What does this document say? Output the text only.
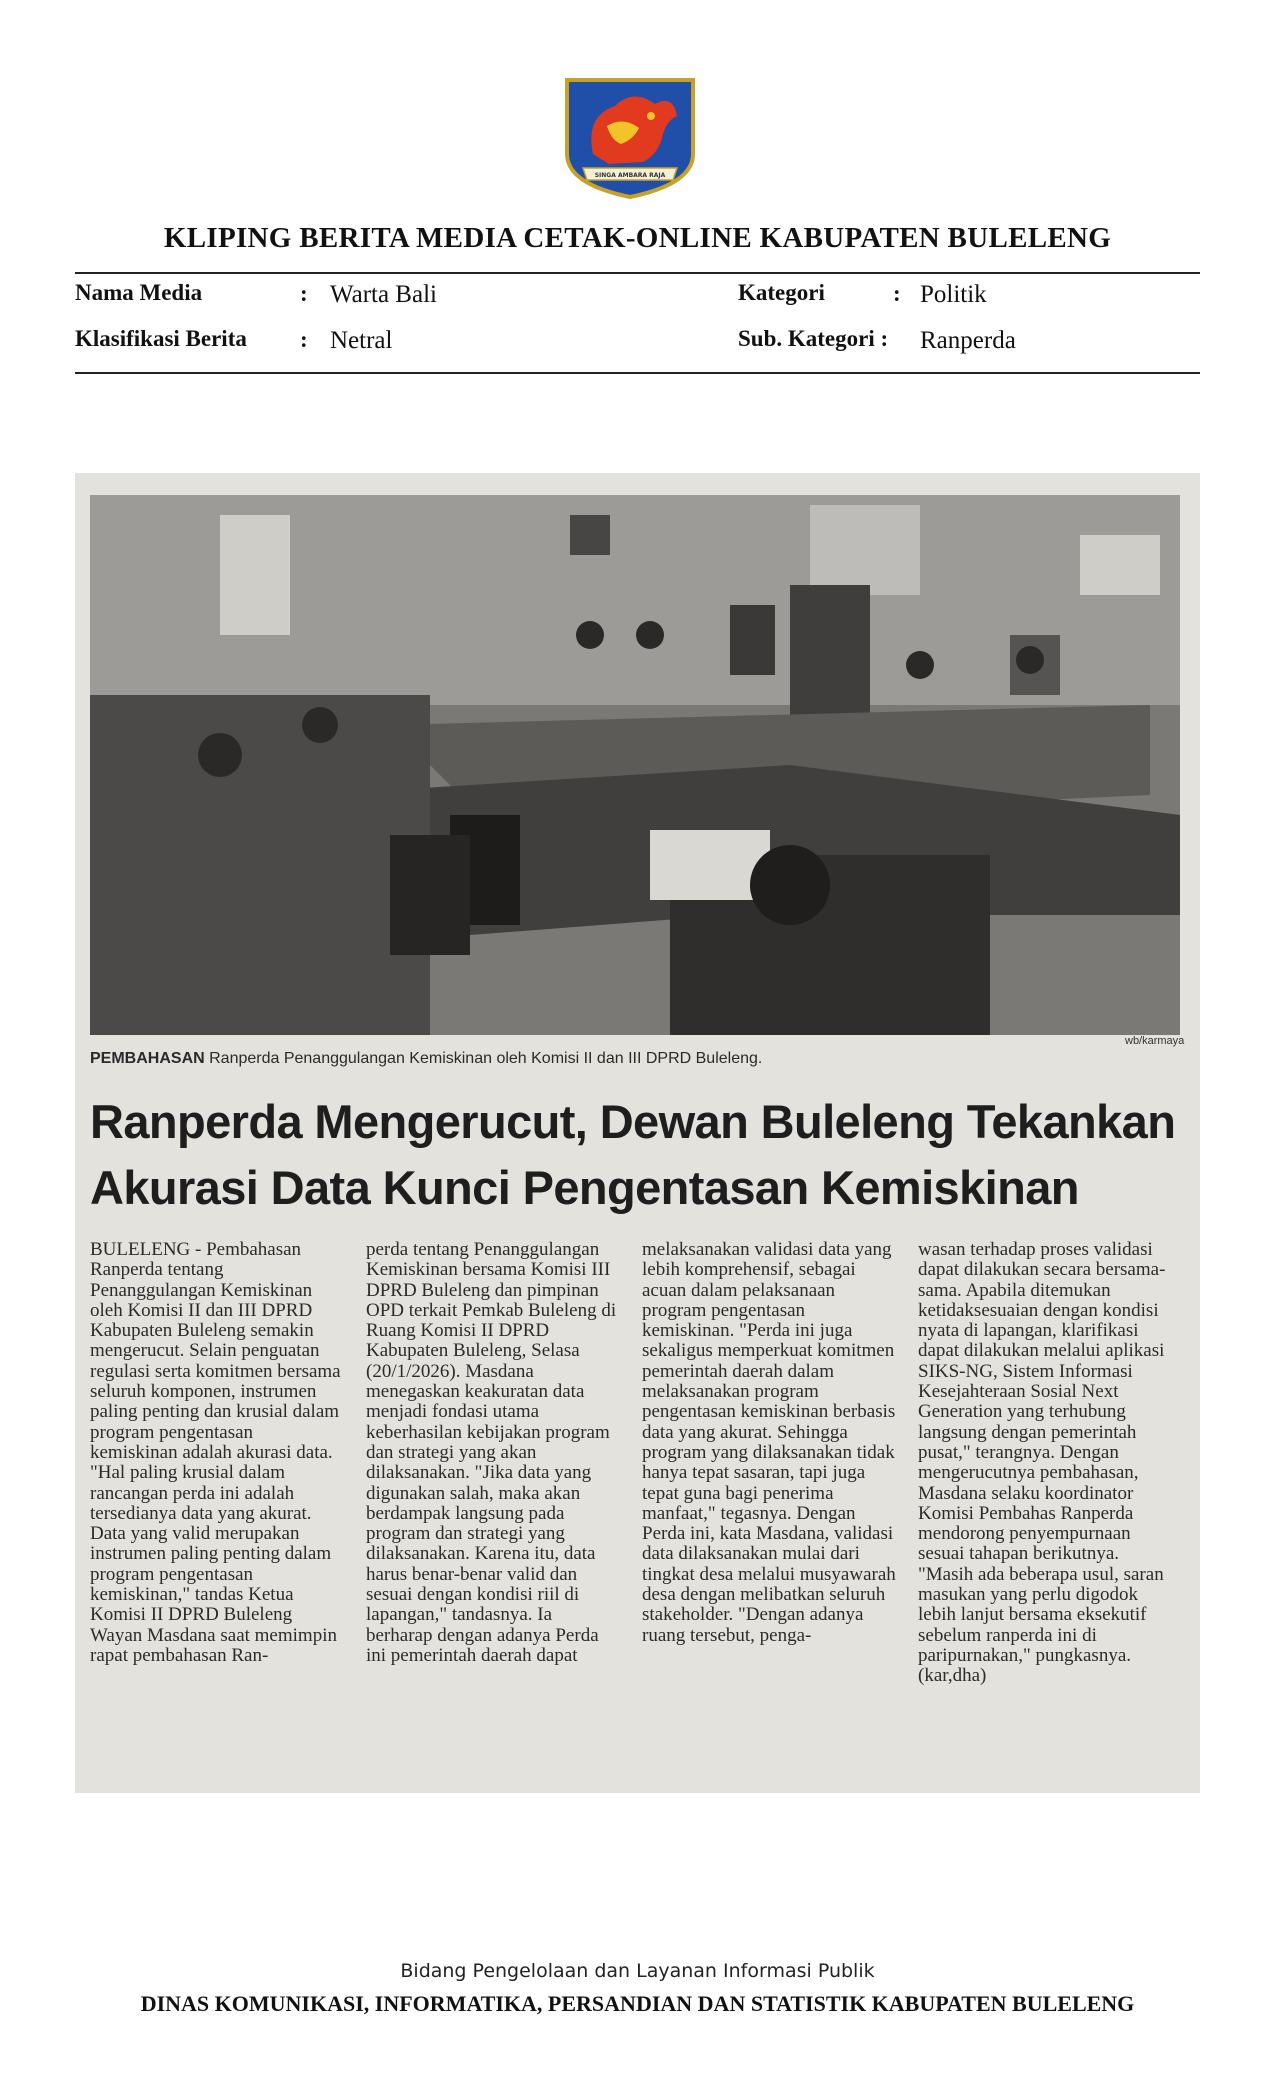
SINGA AMBARA RAJA
KLIPING BERITA MEDIA CETAK-ONLINE KABUPATEN BULELENG
Nama Media	: Warta Bali
Klasifikasi Berita : Netral
Kategori	: Politik
Sub. Kategori : Ranperda
wb/karmaya
PEMBAHASAN Ranperda Penanggulangan Kemiskinan oleh Komisi II dan III DPRD Buleleng.
Ranperda Mengerucut, Dewan Buleleng Tekankan
Akurasi Data Kunci Pengentasan Kemiskinan

BULELENG - Pembahasan Ranperda tentang Penanggulangan Kemiskinan oleh Komisi II dan III DPRD Kabupaten Buleleng semakin mengerucut. Selain penguatan regulasi serta komitmen bersama seluruh komponen, instrumen paling penting dan krusial dalam program pengentasan kemiskinan adalah akurasi data. "Hal paling krusial dalam rancangan perda ini adalah tersedianya data yang akurat. Data yang valid merupakan instrumen paling penting dalam program pengentasan kemiskinan," tandas Ketua Komisi II DPRD Buleleng Wayan Masdana saat memimpin rapat pembahasan Ran-

perda tentang Penanggulangan Kemiskinan bersama Komisi III DPRD Buleleng dan pimpinan OPD terkait Pemkab Buleleng di Ruang Komisi II DPRD Kabupaten Buleleng, Selasa (20/1/2026). Masdana menegaskan keakuratan data menjadi fondasi utama keberhasilan kebijakan program dan strategi yang akan dilaksanakan. "Jika data yang digunakan salah, maka akan berdampak langsung pada program dan strategi yang dilaksanakan. Karena itu, data harus benar-benar valid dan sesuai dengan kondisi riil di lapangan," tandasnya. Ia berharap dengan adanya Perda ini pemerintah daerah dapat

melaksanakan validasi data yang lebih komprehensif, sebagai acuan dalam pelaksanaan program pengentasan kemiskinan. "Perda ini juga sekaligus memperkuat komitmen pemerintah daerah dalam melaksanakan program pengentasan kemiskinan berbasis data yang akurat. Sehingga program yang dilaksanakan tidak hanya tepat sasaran, tapi juga tepat guna bagi penerima manfaat," tegasnya. Dengan Perda ini, kata Masdana, validasi data dilaksanakan mulai dari tingkat desa melalui musyawarah desa dengan melibatkan seluruh stakeholder. "Dengan adanya ruang tersebut, penga-

wasan terhadap proses validasi dapat dilakukan secara bersama-sama. Apabila ditemukan ketidaksesuaian dengan kondisi nyata di lapangan, klarifikasi dapat dilakukan melalui aplikasi SIKS-NG, Sistem Informasi Kesejahteraan Sosial Next Generation yang terhubung langsung dengan pemerintah pusat," terangnya. Dengan mengerucutnya pembahasan, Masdana selaku koordinator Komisi Pembahas Ranperda mendorong penyempurnaan sesuai tahapan berikutnya. "Masih ada beberapa usul, saran masukan yang perlu digodok lebih lanjut bersama eksekutif sebelum ranperda ini di paripurnakan," pungkasnya. (kar,dha)

Bidang Pengelolaan dan Layanan Informasi Publik
DINAS KOMUNIKASI, INFORMATIKA, PERSANDIAN DAN STATISTIK KABUPATEN BULELENG
